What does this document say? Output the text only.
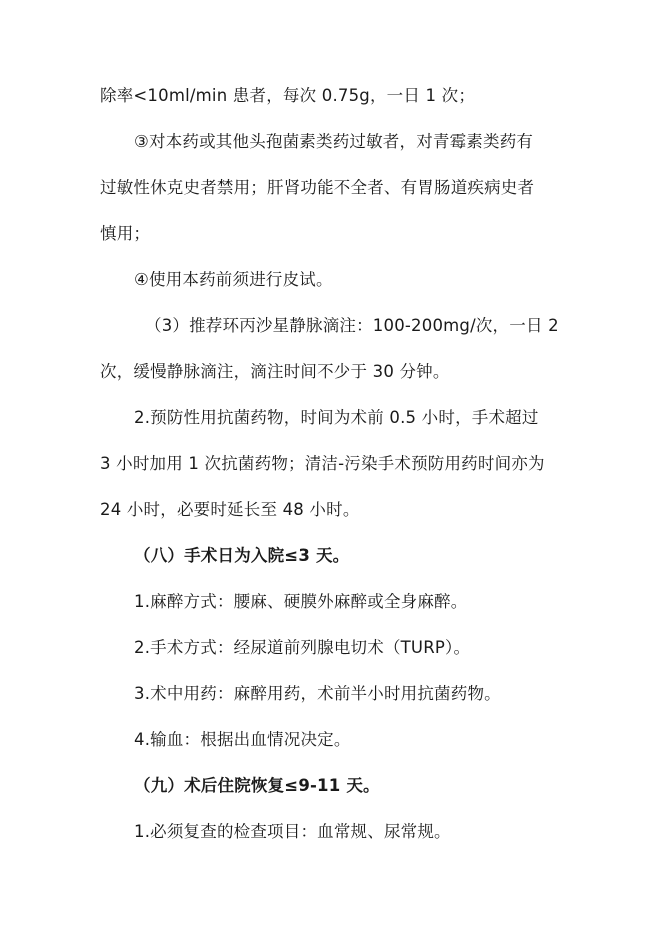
除率<10ml/min 患者，每次 0.75g，一日 1 次；
③对本药或其他头孢菌素类药过敏者，对青霉素类药有
过敏性休克史者禁用；肝肾功能不全者、有胃肠道疾病史者
慎用；
④使用本药前须进行皮试。
（3）推荐环丙沙星静脉滴注：100-200mg/次，一日 2
次，缓慢静脉滴注，滴注时间不少于 30 分钟。
2.预防性用抗菌药物，时间为术前 0.5 小时，手术超过
3 小时加用 1 次抗菌药物；清洁-污染手术预防用药时间亦为
24 小时，必要时延长至 48 小时。
（八）手术日为入院≤3 天。
1.麻醉方式：腰麻、硬膜外麻醉或全身麻醉。
2.手术方式：经尿道前列腺电切术（TURP）。
3.术中用药：麻醉用药，术前半小时用抗菌药物。
4.输血：根据出血情况决定。
（九）术后住院恢复≤9-11 天。
1.必须复查的检查项目：血常规、尿常规。
